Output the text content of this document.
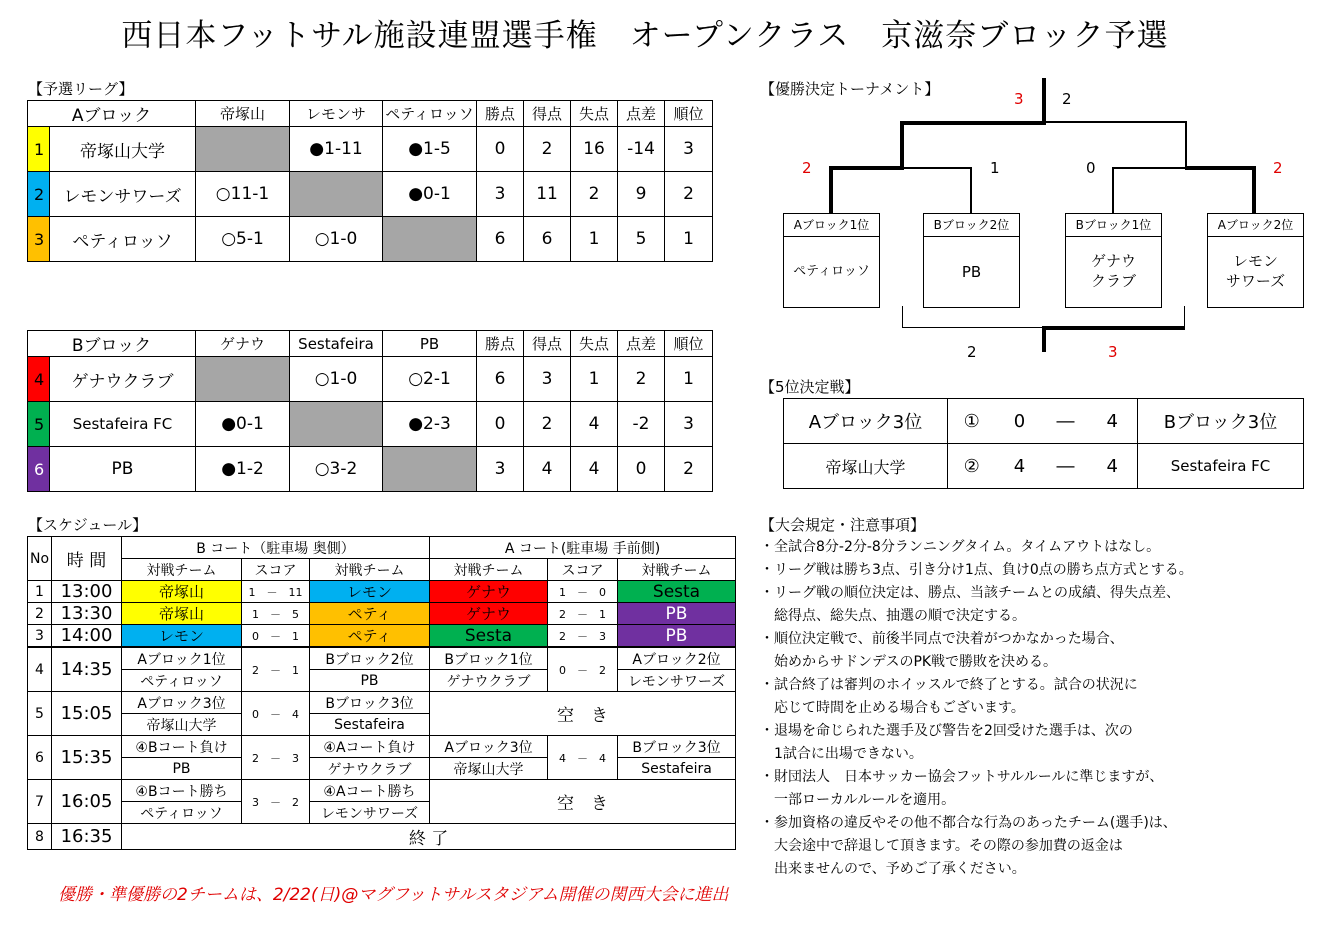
西日本フットサル施設連盟選手権　オープンクラス　京滋奈ブロック予選
【予選リーグ】
Aブロック		帝塚山	レモンサ	ペティロッソ	勝点	得点	失点	点差	順位
1	帝塚山大学		●1-11	●1-5	0	2	16	-14	3
2	レモンサワーズ	○11-1		●0-1	3	11	2	9	2
3	ペティロッソ	○5-1	○1-0		6	6	1	5	1
Bブロック		ゲナウ	Sestafeira	PB	勝点	得点	失点	点差	順位
4	ゲナウクラブ		○1-0	○2-1	6	3	1	2	1
5	Sestafeira FC	●0-1		●2-3	0	2	4	-2	3
6	PB	●1-2	○3-2		3	4	4	0	2
【優勝決定トーナメント】
3	2
2	1	0	2
Aブロック1位
ペティロッソ
Bブロック2位
PB
Bブロック1位
ゲナウ
クラブ
Aブロック2位
レモン
サワーズ
2	3
【5位決定戦】
Aブロック3位	①	0	―	4	Bブロック3位
帝塚山大学	②	4	―	4	Sestafeira FC
【スケジュール】
No	時 間	B コート（駐車場 奥側）			A コート(駐車場 手前側)		
		対戦チーム	スコア	対戦チーム	対戦チーム	スコア	対戦チーム
1	13:00	帝塚山	1　－　11	レモン	ゲナウ	1　－　0	Sesta
2	13:30	帝塚山	1　－　5	ペティ	ゲナウ	2　－　1	PB
3	14:00	レモン	0　－　1	ペティ	Sesta	2　－　3	PB
4	14:35	Aブロック1位	2　－　1	Bブロック2位	Bブロック1位	0　－　2	Aブロック2位
		ペティロッソ		PB	ゲナウクラブ		レモンサワーズ
5	15:05	Aブロック3位	0　－　4	Bブロック3位	空　き		
		帝塚山大学		Sestafeira			
6	15:35	④Bコート負け	2　－　3	④Aコート負け	Aブロック3位	4　－　4	Bブロック3位
		PB		ゲナウクラブ	帝塚山大学		Sestafeira
7	16:05	④Bコート勝ち	3　－　2	④Aコート勝ち	空　き		
		ペティロッソ		レモンサワーズ			
8	16:35	終 了					
【大会規定・注意事項】
・全試合8分-2分-8分ランニングタイム。タイムアウトはなし。
・リーグ戦は勝ち3点、引き分け1点、負け0点の勝ち点方式とする。
・リーグ戦の順位決定は、勝点、当該チームとの成績、得失点差、
　総得点、総失点、抽選の順で決定する。
・順位決定戦で、前後半同点で決着がつかなかった場合、
　始めからサドンデスのPK戦で勝敗を決める。
・試合終了は審判のホイッスルで終了とする。試合の状況に
　応じて時間を止める場合もございます。
・退場を命じられた選手及び警告を2回受けた選手は、次の
　1試合に出場できない。
・財団法人　日本サッカー協会フットサルルールに準じますが、
　一部ローカルルールを適用。
・参加資格の違反やその他不都合な行為のあったチーム(選手)は、
　大会途中で辞退して頂きます。その際の参加費の返金は
　出来ませんので、予めご了承ください。
優勝・準優勝の2チームは、2/22(日)@マグフットサルスタジアム開催の関西大会に進出
